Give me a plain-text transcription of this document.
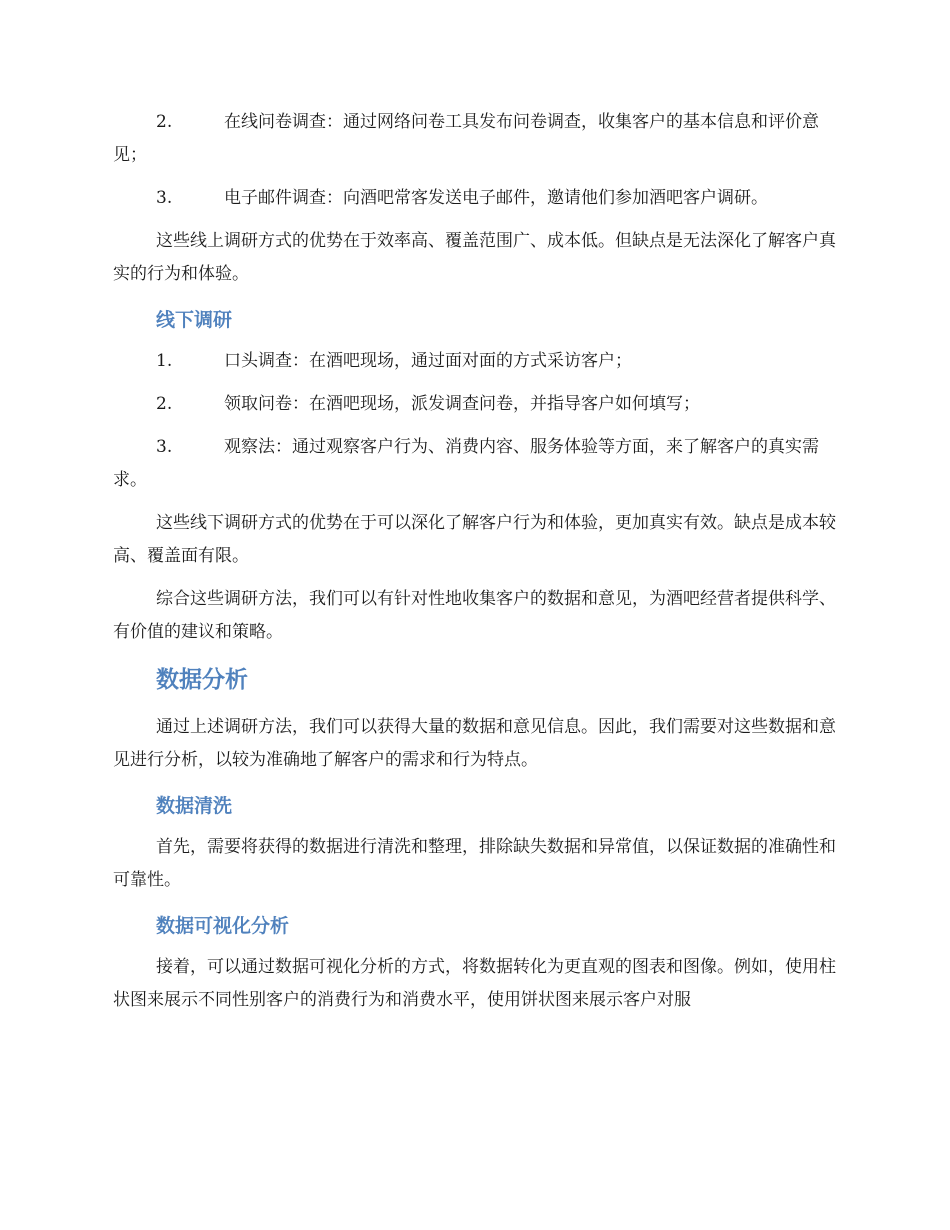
2.	在线问卷调查：通过网络问卷工具发布问卷调查，收集客户的基本信息和评价意见；
3.	电子邮件调查：向酒吧常客发送电子邮件，邀请他们参加酒吧客户调研。

这些线上调研方式的优势在于效率高、覆盖范围广、成本低。但缺点是无法深化了解客户真实的行为和体验。

线下调研
1.	口头调查：在酒吧现场，通过面对面的方式采访客户；
2.	领取问卷：在酒吧现场，派发调查问卷，并指导客户如何填写；
3.	观察法：通过观察客户行为、消费内容、服务体验等方面，来了解客户的真实需求。

这些线下调研方式的优势在于可以深化了解客户行为和体验，更加真实有效。缺点是成本较高、覆盖面有限。

综合这些调研方法，我们可以有针对性地收集客户的数据和意见，为酒吧经营者提供科学、有价值的建议和策略。

数据分析

通过上述调研方法，我们可以获得大量的数据和意见信息。因此，我们需要对这些数据和意见进行分析，以较为准确地了解客户的需求和行为特点。

数据清洗

首先，需要将获得的数据进行清洗和整理，排除缺失数据和异常值，以保证数据的准确性和可靠性。

数据可视化分析

接着，可以通过数据可视化分析的方式，将数据转化为更直观的图表和图像。例如，使用柱状图来展示不同性别客户的消费行为和消费水平，使用饼状图来展示客户对服
